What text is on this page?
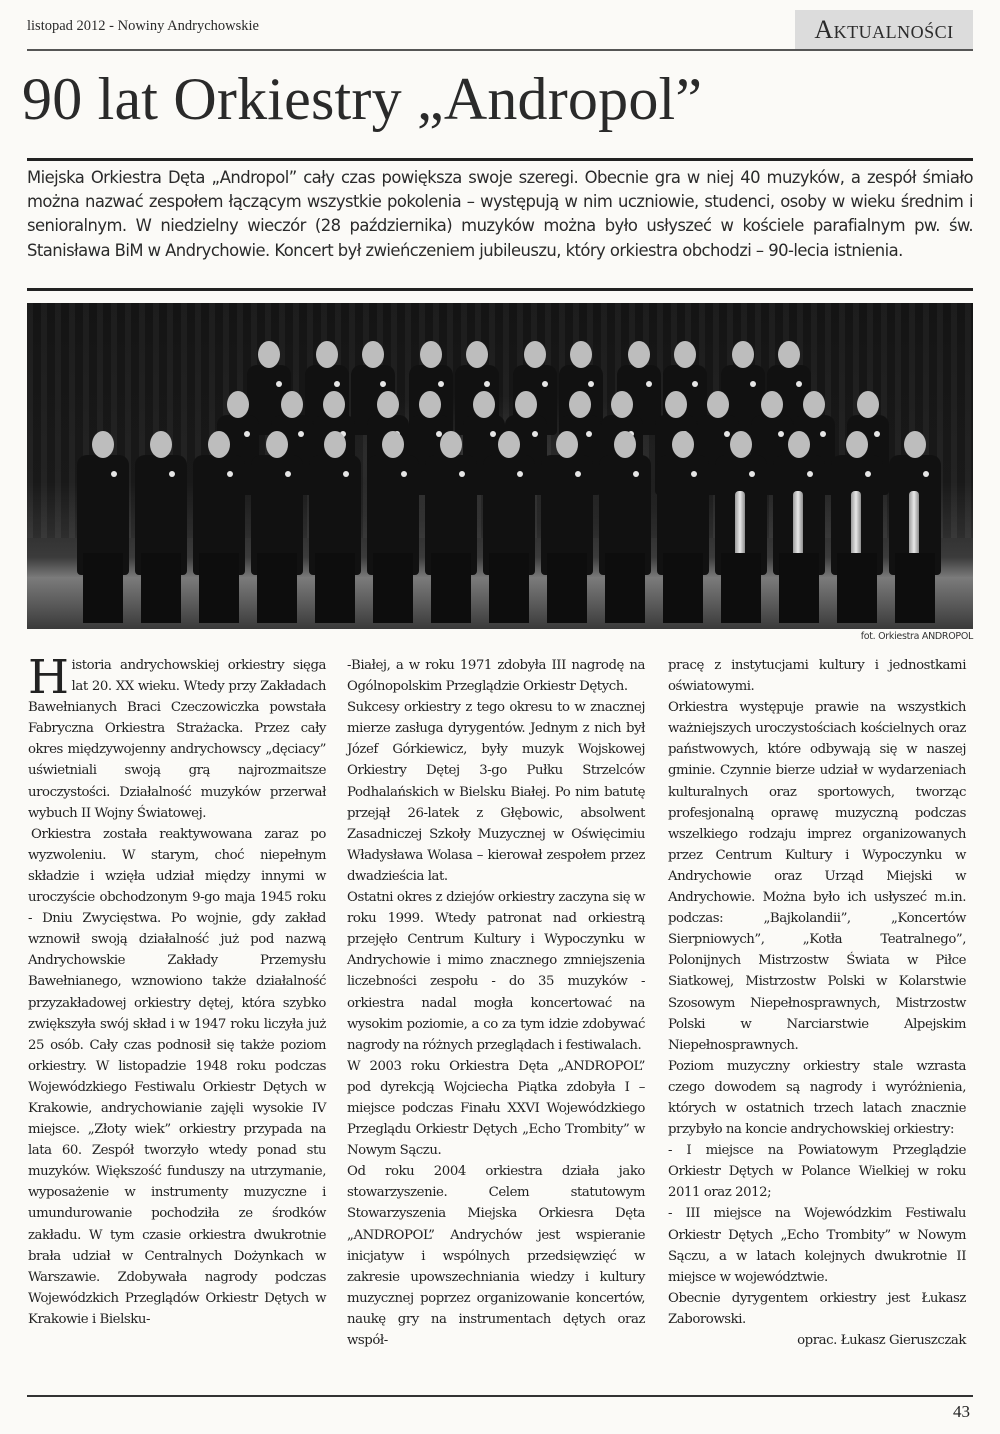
listopad 2012 - Nowiny Andrychowskie	Aktualności
90 lat Orkiestry „Andropol”
Miejska Orkiestra Dęta „Andropol” cały czas powiększa swoje szeregi. Obecnie gra w niej 40 muzyków, a zespół śmiało można nazwać zespołem łączącym wszystkie pokolenia – występują w nim uczniowie, studenci, osoby w wieku średnim i senioralnym. W niedzielny wieczór (28 października) muzyków można było usłyszeć w kościele parafialnym pw. św. Stanisława BiM w Andrychowie. Koncert był zwieńczeniem jubileuszu, który orkiestra obchodzi – 90-lecia istnienia.
fot. Orkiestra ANDROPOL

Historia andrychowskiej orkiestry sięga lat 20. XX wieku. Wtedy przy Zakładach Bawełnianych Braci Czeczowiczka powstała Fabryczna Orkiestra Strażacka. Przez cały okres międzywojenny andrychowscy „dęciacy” uświetniali swoją grą najrozmaitsze uroczystości. Działalność muzyków przerwał wybuch II Wojny Światowej.

Orkiestra została reaktywowana zaraz po wyzwoleniu. W starym, choć niepełnym składzie i wzięła udział między innymi w uroczyście obchodzonym 9-go maja 1945 roku - Dniu Zwycięstwa. Po wojnie, gdy zakład wznowił swoją działalność już pod nazwą Andrychowskie Zakłady Przemysłu Bawełnianego, wznowiono także działalność przyzakładowej orkiestry dętej, która szybko zwiększyła swój skład i w 1947 roku liczyła już 25 osób. Cały czas podnosił się także poziom orkiestry. W listopadzie 1948 roku podczas Wojewódzkiego Festiwalu Orkiestr Dętych w Krakowie, andrychowianie zajęli wysokie IV miejsce. „Złoty wiek” orkiestry przypada na lata 60. Zespół tworzyło wtedy ponad stu muzyków. Większość funduszy na utrzymanie, wyposażenie w instrumenty muzyczne i umundurowanie pochodziła ze środków zakładu. W tym czasie orkiestra dwukrotnie brała udział w Centralnych Dożynkach w Warszawie. Zdobywała nagrody podczas Wojewódzkich Przeglądów Orkiestr Dętych w Krakowie i Bielsku-

-Białej, a w roku 1971 zdobyła III nagrodę na Ogólnopolskim Przeglądzie Orkiestr Dętych.

Sukcesy orkiestry z tego okresu to w znacznej mierze zasługa dyrygentów. Jednym z nich był Józef Górkiewicz, były muzyk Wojskowej Orkiestry Dętej 3-go Pułku Strzelców Podhalańskich w Bielsku Białej. Po nim batutę przejął 26-latek z Głębowic, absolwent Zasadniczej Szkoły Muzycznej w Oświęcimiu Władysława Wolasa – kierował zespołem przez dwadzieścia lat.

Ostatni okres z dziejów orkiestry zaczyna się w roku 1999. Wtedy patronat nad orkiestrą przejęło Centrum Kultury i Wypoczynku w Andrychowie i mimo znacznego zmniejszenia liczebności zespołu - do 35 muzyków - orkiestra nadal mogła koncertować na wysokim poziomie, a co za tym idzie zdobywać nagrody na różnych przeglądach i festiwalach.

W 2003 roku Orkiestra Dęta „ANDROPOL” pod dyrekcją Wojciecha Piątka zdobyła I – miejsce podczas Finału XXVI Wojewódzkiego Przeglądu Orkiestr Dętych „Echo Trombity” w Nowym Sączu.

Od roku 2004 orkiestra działa jako stowarzyszenie. Celem statutowym Stowarzyszenia Miejska Orkiesra Dęta „ANDROPOL” Andrychów jest wspieranie inicjatyw i wspólnych przedsięwzięć w zakresie upowszechniania wiedzy i kultury muzycznej poprzez organizowanie koncertów, naukę gry na instrumentach dętych oraz współ-

pracę z instytucjami kultury i jednostkami oświatowymi.

Orkiestra występuje prawie na wszystkich ważniejszych uroczystościach kościelnych oraz państwowych, które odbywają się w naszej gminie. Czynnie bierze udział w wydarzeniach kulturalnych oraz sportowych, tworząc profesjonalną oprawę muzyczną podczas wszelkiego rodzaju imprez organizowanych przez Centrum Kultury i Wypoczynku w Andrychowie oraz Urząd Miejski w Andrychowie. Można było ich usłyszeć m.in. podczas: „Bajkolandii”, „Koncertów Sierpniowych”, „Kotła Teatralnego”, Polonijnych Mistrzostw Świata w Piłce Siatkowej, Mistrzostw Polski w Kolarstwie Szosowym Niepełnosprawnych, Mistrzostw Polski w Narciarstwie Alpejskim Niepełnosprawnych.

Poziom muzyczny orkiestry stale wzrasta czego dowodem są nagrody i wyróżnienia, których w ostatnich trzech latach znacznie przybyło na koncie andrychowskiej orkiestry:

- I miejsce na Powiatowym Przeglądzie Orkiestr Dętych w Polance Wielkiej w roku 2011 oraz 2012;

- III miejsce na Wojewódzkim Festiwalu Orkiestr Dętych „Echo Trombity” w Nowym Sączu, a w latach kolejnych dwukrotnie II miejsce w województwie.

Obecnie dyrygentem orkiestry jest Łukasz Zaborowski.

oprac. Łukasz Gieruszczak

43
